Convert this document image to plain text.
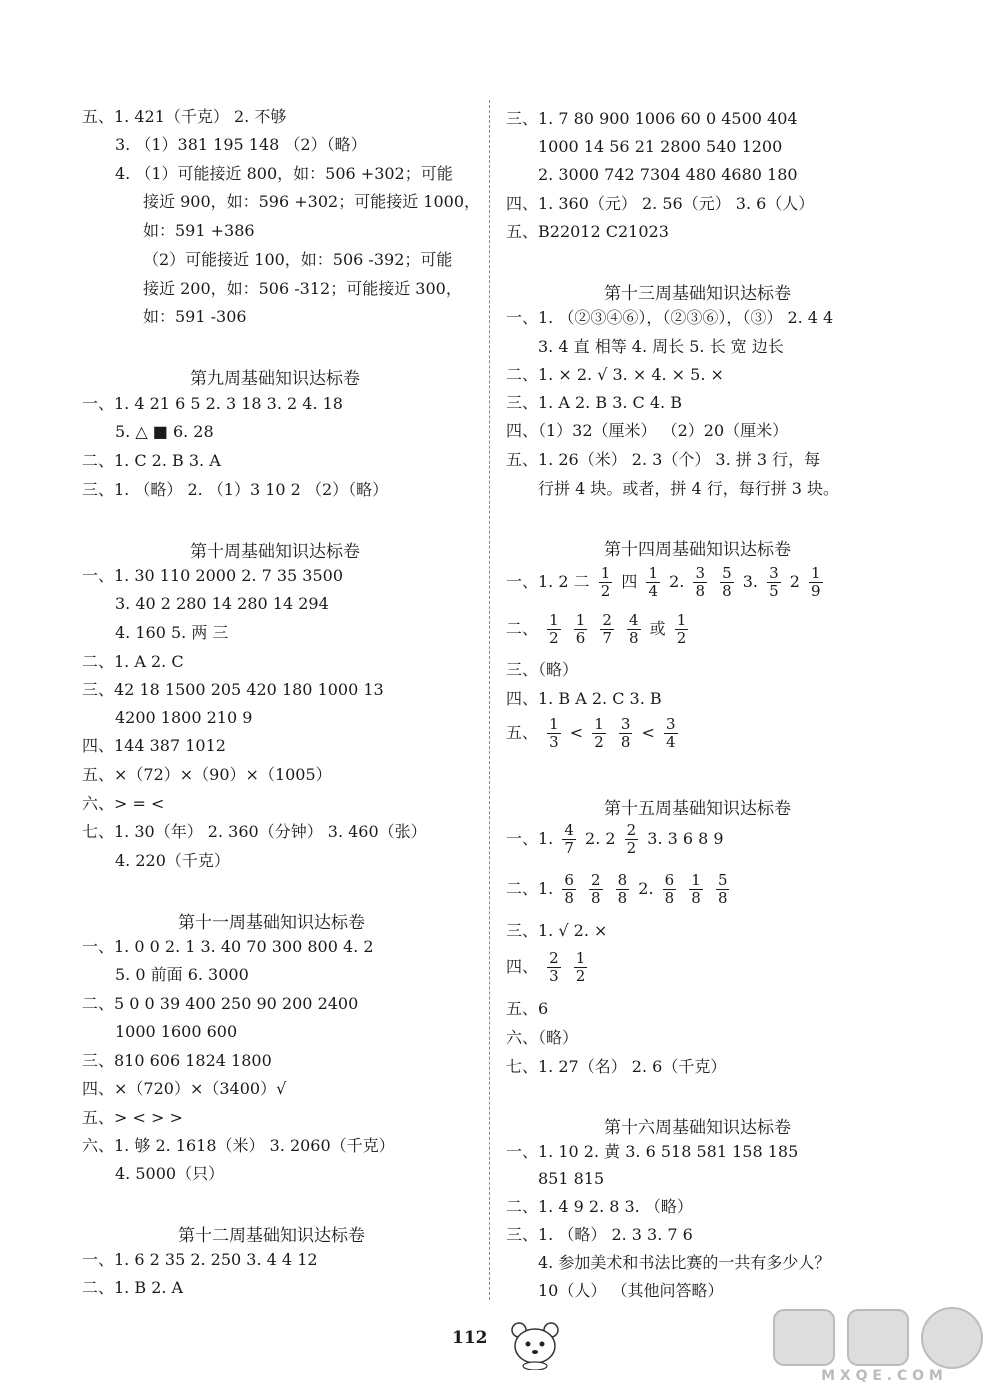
五、1. 421（千克） 2. 不够
3. （1）381 195 148 （2）（略）
4. （1）可能接近 800，如：506 +302；可能
接近 900，如：596 +302；可能接近 1000，
如：591 +386
（2）可能接近 100，如：506 -392；可能
接近 200，如：506 -312；可能接近 300，
如：591 -306
第九周基础知识达标卷
一、1. 4 21 6 5 2. 3 18 3. 2 4. 18
5. △ ■ 6. 28
二、1. C 2. B 3. A
三、1. （略） 2. （1）3 10 2 （2）（略）
第十周基础知识达标卷
一、1. 30 110 2000 2. 7 35 3500
3. 40 2 280 14 280 14 294
4. 160 5. 两 三
二、1. A 2. C
三、42 18 1500 205 420 180 1000 13
4200 1800 210 9
四、144 387 1012
五、×（72）×（90）×（1005）
六、> = <
七、1. 30（年） 2. 360（分钟） 3. 460（张）
4. 220（千克）
第十一周基础知识达标卷
一、1. 0 0 2. 1 3. 40 70 300 800 4. 2
5. 0 前面 6. 3000
二、5 0 0 39 400 250 90 200 2400
1000 1600 600
三、810 606 1824 1800
四、×（720）×（3400）√
五、> < > >
六、1. 够 2. 1618（米） 3. 2060（千克）
4. 5000（只）
第十二周基础知识达标卷
一、1. 6 2 35 2. 250 3. 4 4 12
二、1. B 2. A
三、1. 7 80 900 1006 60 0 4500 404
1000 14 56 21 2800 540 1200
2. 3000 742 7304 480 4680 180
四、1. 360（元） 2. 56（元） 3. 6（人）
五、B22012 C21023
第十三周基础知识达标卷
一、1. （②③④⑥），（②③⑥），（③） 2. 4 4
3. 4 直 相等 4. 周长 5. 长 宽 边长
二、1. × 2. √ 3. × 4. × 5. ×
三、1. A 2. B 3. C 4. B
四、（1）32（厘米） （2）20（厘米）
五、1. 26（米） 2. 3（个） 3. 拼 3 行，每
行拼 4 块。或者，拼 4 行，每行拼 3 块。
第十四周基础知识达标卷
一、1. 2 二 $\frac{1}{2}$ 四 $\frac{1}{4} 2$. $\frac{3}{8}$
$\frac{5}{8} 3$. $\frac{3}{5} 2 \frac{1}{9}$
二、 $\frac{1}{2}$
$\frac{1}{6}$
$\frac{2}{7}$
$\frac{4}{8}$ 或 $\frac{1}{2}$
三、（略）
四、1. B A 2. C 3. B
五、 $\frac{1}{3} < \frac{1}{2}$
$\frac{3}{8} < \frac{3}{4}$
第十五周基础知识达标卷
一、1. $\frac{4}{7} 2$. $2 \frac{2}{2} 3$. 3 6 8 9
二、1. $\frac{6}{8}$
$\frac{2}{8}$
$\frac{8}{8} 2$. $\frac{6}{8}$
$\frac{1}{8}$
$\frac{5}{8}$
三、1. √ 2. ×
四、 $\frac{2}{3}$
$\frac{1}{2}$
五、6
六、（略）
七、1. 27（名） 2. 6（千克）
第十六周基础知识达标卷
一、1. 10 2. 黄 3. 6 518 581 158 185
851 815
二、1. 4 9 2. 8 3. （略）
三、1. （略） 2. 3 3. 7 6
4. 参加美术和书法比赛的一共有多少人？
10（人） （其他问答略）
112
M X Q E . C O M
